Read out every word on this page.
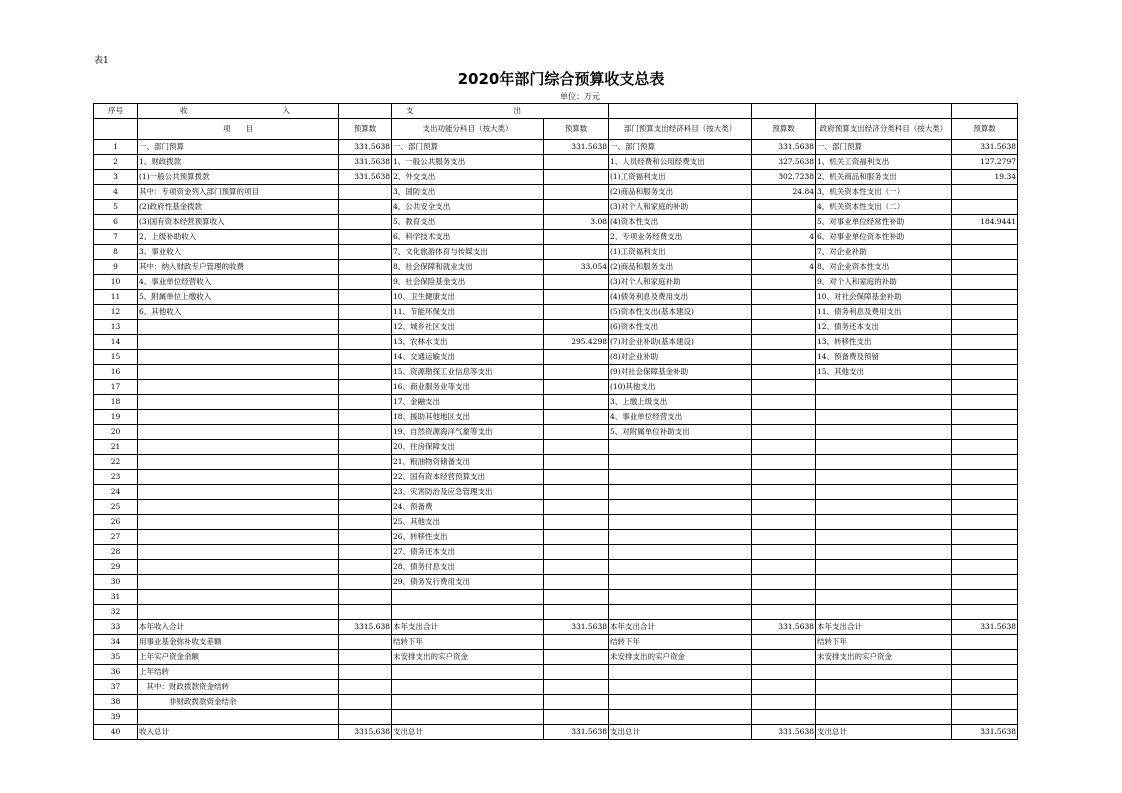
表1
2020年部门综合预算收支总表
单位：万元
序号	收 入		支 出					
	项　　目	预算数	支出功能分科目（按大类）	预算数	部门预算支出经济科目（按大类）	预算数	政府预算支出经济分类科目（按大类）	预算数
1	一、部门预算	331.5638	一、部门预算	331.5638	一、部门预算	331.5638	一、部门预算	331.5638
2	1、财政拨款	331.5638	1、一般公共服务支出		1、人员经费和公用经费支出	327.5638	1、机关工资福利支出	127.2797
3	(1)一般公共预算拨款	331.5638	2、外交支出		(1)工资福利支出	302.7238	2、机关商品和服务支出	19.34
4	其中：专项资金列入部门预算的项目		3、国防支出		(2)商品和服务支出	24.84	3、机关资本性支出（一）	
5	(2)政府性基金拨款		4、公共安全支出		(3)对个人和家庭的补助		4、机关资本性支出（二）	
6	(3)国有资本经营预算收入		5、教育支出	3.08	(4)资本性支出		5、对事业单位经常性补助	184.9441
7	2、上级补助收入		6、科学技术支出		2、专项业务经费支出	4	6、对事业单位资本性补助	
8	3、事业收入		7、文化旅游体育与传媒支出		(1)工资福利支出		7、对企业补助	
9	其中：纳入财政专户管理的收费		8、社会保障和就业支出	33.054	(2)商品和服务支出	4	8、对企业资本性支出	
10	4、事业单位经营收入		9、社会保险基金支出		(3)对个人和家庭补助		9、对个人和家庭的补助	
11	5、附属单位上缴收入		10、卫生健康支出		(4)债务利息及费用支出		10、对社会保障基金补助	
12	6、其他收入		11、节能环保支出		(5)资本性支出(基本建设)		11、债务利息及费用支出	
13			12、城乡社区支出		(6)资本性支出		12、债务还本支出	
14			13、农林水支出	295.4298	(7)对企业补助(基本建设)		13、转移性支出	
15			14、交通运输支出		(8)对企业补助		14、预备费及预留	
16			15、资源勘探工业信息等支出		(9)对社会保障基金补助		15、其他支出	
17			16、商业服务业等支出		(10)其他支出			
18			17、金融支出		3、上缴上级支出			
19			18、援助其他地区支出		4、事业单位经营支出			
20			19、自然资源海洋气象等支出		5、对附属单位补助支出			
21			20、住房保障支出					
22			21、粮油物资储备支出					
23			22、国有资本经营预算支出					
24			23、灾害防治及应急管理支出					
25			24、预备费					
26			25、其他支出					
27			26、转移性支出					
28			27、债务还本支出					
29			28、债务付息支出					
30			29、债务发行费用支出					
31								
32								
33	本年收入合计	3315.638	本年支出合计	331.5638	本年支出合计	331.5638	本年支出合计	331.5638
34	用事业基金弥补收支差额		结转下年		结转下年		结转下年	
35	上年实户资金余额		未安排支出的实户资金		未安排支出的实户资金		未安排支出的实户资金	
36	上年结转							
37	　其中：财政拨款资金结转							
38	　　　　非财政拨款资金结余							
39								
40	收入总计	3315.638	支出总计	331.5638	支出总计	331.5638	支出总计	331.5638
